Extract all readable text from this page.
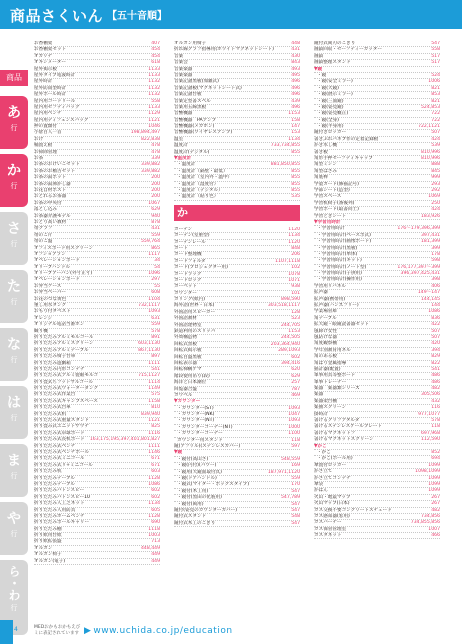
商品さくいん 【五十音順】
商品
あ
行
か
行
さ
行
た
行
な
行
は
行
ま
行
や
行
ら・わ
行
お香棚架	407
お香棚架セット	454
オカリナ	454
オキシメーター	618
屋外掲示板	1133
屋外タイプ電波時計	1133
屋外時計	1132
屋外防雨型時計	1132
屋外ボール時計	1132
屋内用コードリール	558
屋内用セフティバッグ	1133
屋内用ベンチ	1129
屋内用ディフェンスバッグ	1121
押の置類付	1046
小倉百人一首	198,894,497
おけ	822,838
桶置え板	478
お掃除管理	478
お茶	339
お茶のおけいこセット	339,882
お茶のお稽古セット	339,882
お茶の湯ポット	200
お茶の湯沸かし器	200
お花自材ポスト	200
おどれるお茶器	200
お茶の中央付	1067
落とし込み	629
お茶器介護モデル	940
おどり高い教材	878
帯グラフ	431
帯のこ片	559
帯のこ盤	559,764
オフィスボード用スクリーン	865
オフショアラン	1117
オペレーションボード	34
オリーブハンドル	54
オリーブアーバン(外寸正寸)	1096
オペレーションボード	297
お弁当ケース	55
お弁当ペーパー	608
お花のつな黄色	1104
重し用水タンク	732,1117
おもり付タペスト	1093
オレンジ	631
オリジナル電話当番ホン	559
織り機	578
折りたたみアルミモルコール	891
折りたたみアルミスクリーン	603,1130
折りたたみアルミテーブル	867,1130
折りたたみ椅子台車	897
折りたたみ遊戯箱	1111
折りたたみ円形コンテナ	541
折りたたみ式アルミ製眼モルコ	715,1127
折り畳式ちフットサルゴール	1114
折りたたみ式ウォーターダンク	1149
折りたたみ式作業台	575
折りたたみ式キャンプスペース	1158
折りたたみ式台車	810
折りたたみ式机	839,940
折りたたみ式重量スタンド	1121
折り畳み式ユニットサウナ	825
折りたたみ式卓球ボード	1116
折りたたみ式長机ボード	163,175,195,397,401,801,827
折りたたみ式ベンチ	1111
折りたたみ式ベンチボール	1146
折りたたみ式ミニゴール	671
折りたたみ式リ+ミニゴール	671
折りたたみ机	603
折りたたみテーブル	1128
折りたたみテーブル	1086
折りたたみバトンスピー	602
折りたたみバトンスピー10	602
折りたたみ人工芝ネット	1134
折りたたみ人用防具	605
折りたたみホームベンチ	1128
折りたたみボールキャリー	690
折りたたみ棚	1118
折り紙用台紙	1003
折り紙拡張盤	713
オルガン	448,449
オルガン椅子	449
オルガン(電子)	449
オルガン用椅子	448
折れ線グラフ指導用(ホワイトマグネットシート)	431
音楽	430
音楽会	843
音楽楽器	493
音楽楽器	495
音楽記譜黒板(加雑式)	496
音楽記譜板(マグネットシート式)	496
音楽記譜台板	496
音楽定型書スペル	439
音楽用五線黒板	496
音響機器	1153
音響機器　PAアンプ	158
音響機器(メガホン)	147
音響機器(ワイヤレスアンプ)	153
温室	1134
温度計	733,734,855
温度計(デジタル)	855
▼温度計
・温度計	881,850,855
・温度計（隔壁・最低）	855
・温度計（室内外・温中）	855
・温度計（湿度付）	855
・温度計（デジタル）	855
・温度計（貼り色）	535
か
カーテン	1120
カーテン(室重型)	1134
カーテンレール	1120
カート	848
カード整理機	206
カードフォルダ	1107,1118
カード(プロジェクター用)	102
カードラック	1078
カードロック	1071
カーペット	938
カウンター	101
カリング(紙円)	898,590
海外語(世界・日本)	303,518,1117
外国語用スピーカー	128
外国語教材	523
外国語建物室	244,705
鉄道利用のスリッパ	1153
外周構造物	244,505
回転式黒板	203,364,940
回転式掲示板	289,1093
回転目盛黒板	602
回転表示器	394,416
回転梯構ゲマ	620
階段使用吊り(段)	629
海洋と日本潮位	257
回覧器合盤	787
カウベル	469
▼カウンター
・カウンター(ST)	1093
・カウンター(NK)	1047
・カウンター(NT)	1093
・カウンターコーナー(NT)	1000
・カウンターコーナー	1100
カウンター用スタンド	118
鏡(アフリル)(ステンレスカバー)	597
▼鏡
・鏡付(高山さ)	548,559
・鏡(円付)(パワー)	169
・鏡用(大鏡面取付具)	187,971,1120
・鏡(ドアハンドル)	559
・鏡式(マイター・ボックスタイプ)	170
・鏡付(木工用)	547
・鏡付(黒田の化粧用)	547,789
・鏡付(両用)	547
鏡付(姿見のカウンターカバー)	547
鏡付式スタンド	548
鏡付式木工のこぎり	547
鏡付式両刃のこぎり	547
画鋲回収・セーフティーカッター	558
画鋲	517
画鋲整理スタンド	517
▼鏡
・鏡	524
・鏡(安全ミラー)	1006
・鏡(大鏡)	821
・鏡(展示ミラー)	853
・鏡(三面鏡)	821
・鏡(姿見鏡)	524,853
・鏡(姿見概正)	722
・鏡(全身)	722
・鏡(半身用)	722,1121
鏡付きロッカー	507
書きぶれパネブ作の定着記録板	424
かき氷し機	539
書き板	810,996
角形手押セーフティキャップ	810,996
角型ミシン	888
角型はさみ	845
角底棒	999
学童カード(修猫記号)	293
学部シート(造型)	292
学習スペース	1069
学習机椅子(番後列)	250
学習ボード(取書同士)	424
学習ときシート	183,926
▼学習用時計
・学習用時計	176〜179,396,399
・学習用時計(ベースボ式)	397,431
・学習用時計(画像ボード)	181,399
・学習用時計(黒板)	399
・学習用時計(単体)	178
・学習用時計(キット)	598
・学習用時計(ノート型)	176,177,397〜399
・学習用時計(子供用)	396,397,425,431
・学習用時計(操作用)	398
学習用リバネル	406
拡声器	149〜147
拡声器(携帯用)	144,145
拡声器(ハンズフリー)	144
学業場管庫	1086
角テーブル	836
拡大鏡・眼鏡読書器セット	422
風除け女性	507
風防けな器	507
角度観察棚	420
学年別教育用ネル	394
角のある板	829
角ばり金属指導	822
描計器(配置)	541
軍事用具等整ボード	486
軍事トレーナー	486
楽器　楽器類シリーズ	482
楽器	305,506
楽器架台棚	432
楽曲スクリーン	116
掛時計	977,1077
書けるグリフアタルダ	578
書けるステンレスゲールプレート	118
書けるマグネットフ	697,968
書けるマグネットスクリーン	112,590
▼かご
・かご	852
・かご(ボール用)	694
傘置付ロッカー	1099
かさ立て	1098,1099
かさ立てコンテナ	1099
傘袋	1099
かばん	1099
火山・地震マップ	267
火山マップ(日本)	267
ガス交換不要コンクリートスチュード	482
ガス感知器(窓用)	734,856
ガスバーナー	734,855,856
ガス保管管理室	1007
カスタネット	466
4	MEDおかもおかもえび
ミに表記されています ▶ www.uchida.co.jp/education
